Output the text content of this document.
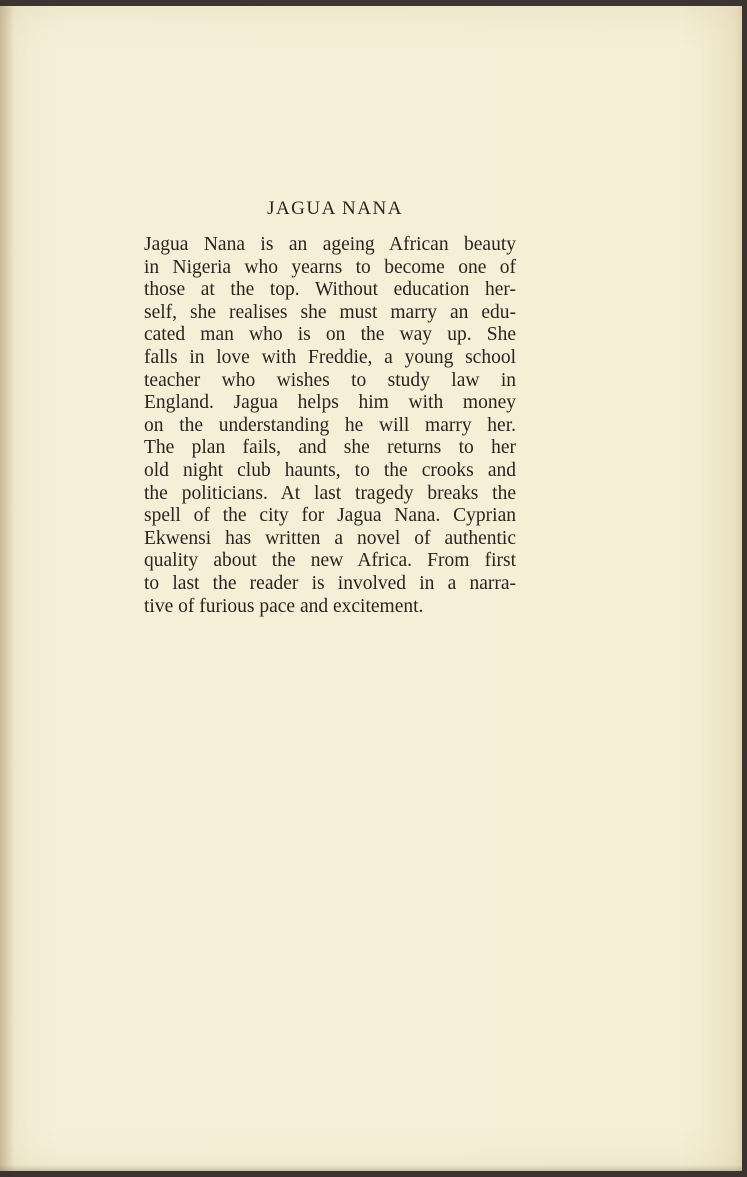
JAGUA NANA

Jagua Nana is an ageing African beauty
in Nigeria who yearns to become one of
those at the top. Without education her-
self, she realises she must marry an edu-
cated man who is on the way up. She
falls in love with Freddie, a young school
teacher who wishes to study law in
England. Jagua helps him with money
on the understanding he will marry her.
The plan fails, and she returns to her
old night club haunts, to the crooks and
the politicians. At last tragedy breaks the
spell of the city for Jagua Nana. Cyprian
Ekwensi has written a novel of authentic
quality about the new Africa. From first
to last the reader is involved in a narra-
tive of furious pace and excitement.
